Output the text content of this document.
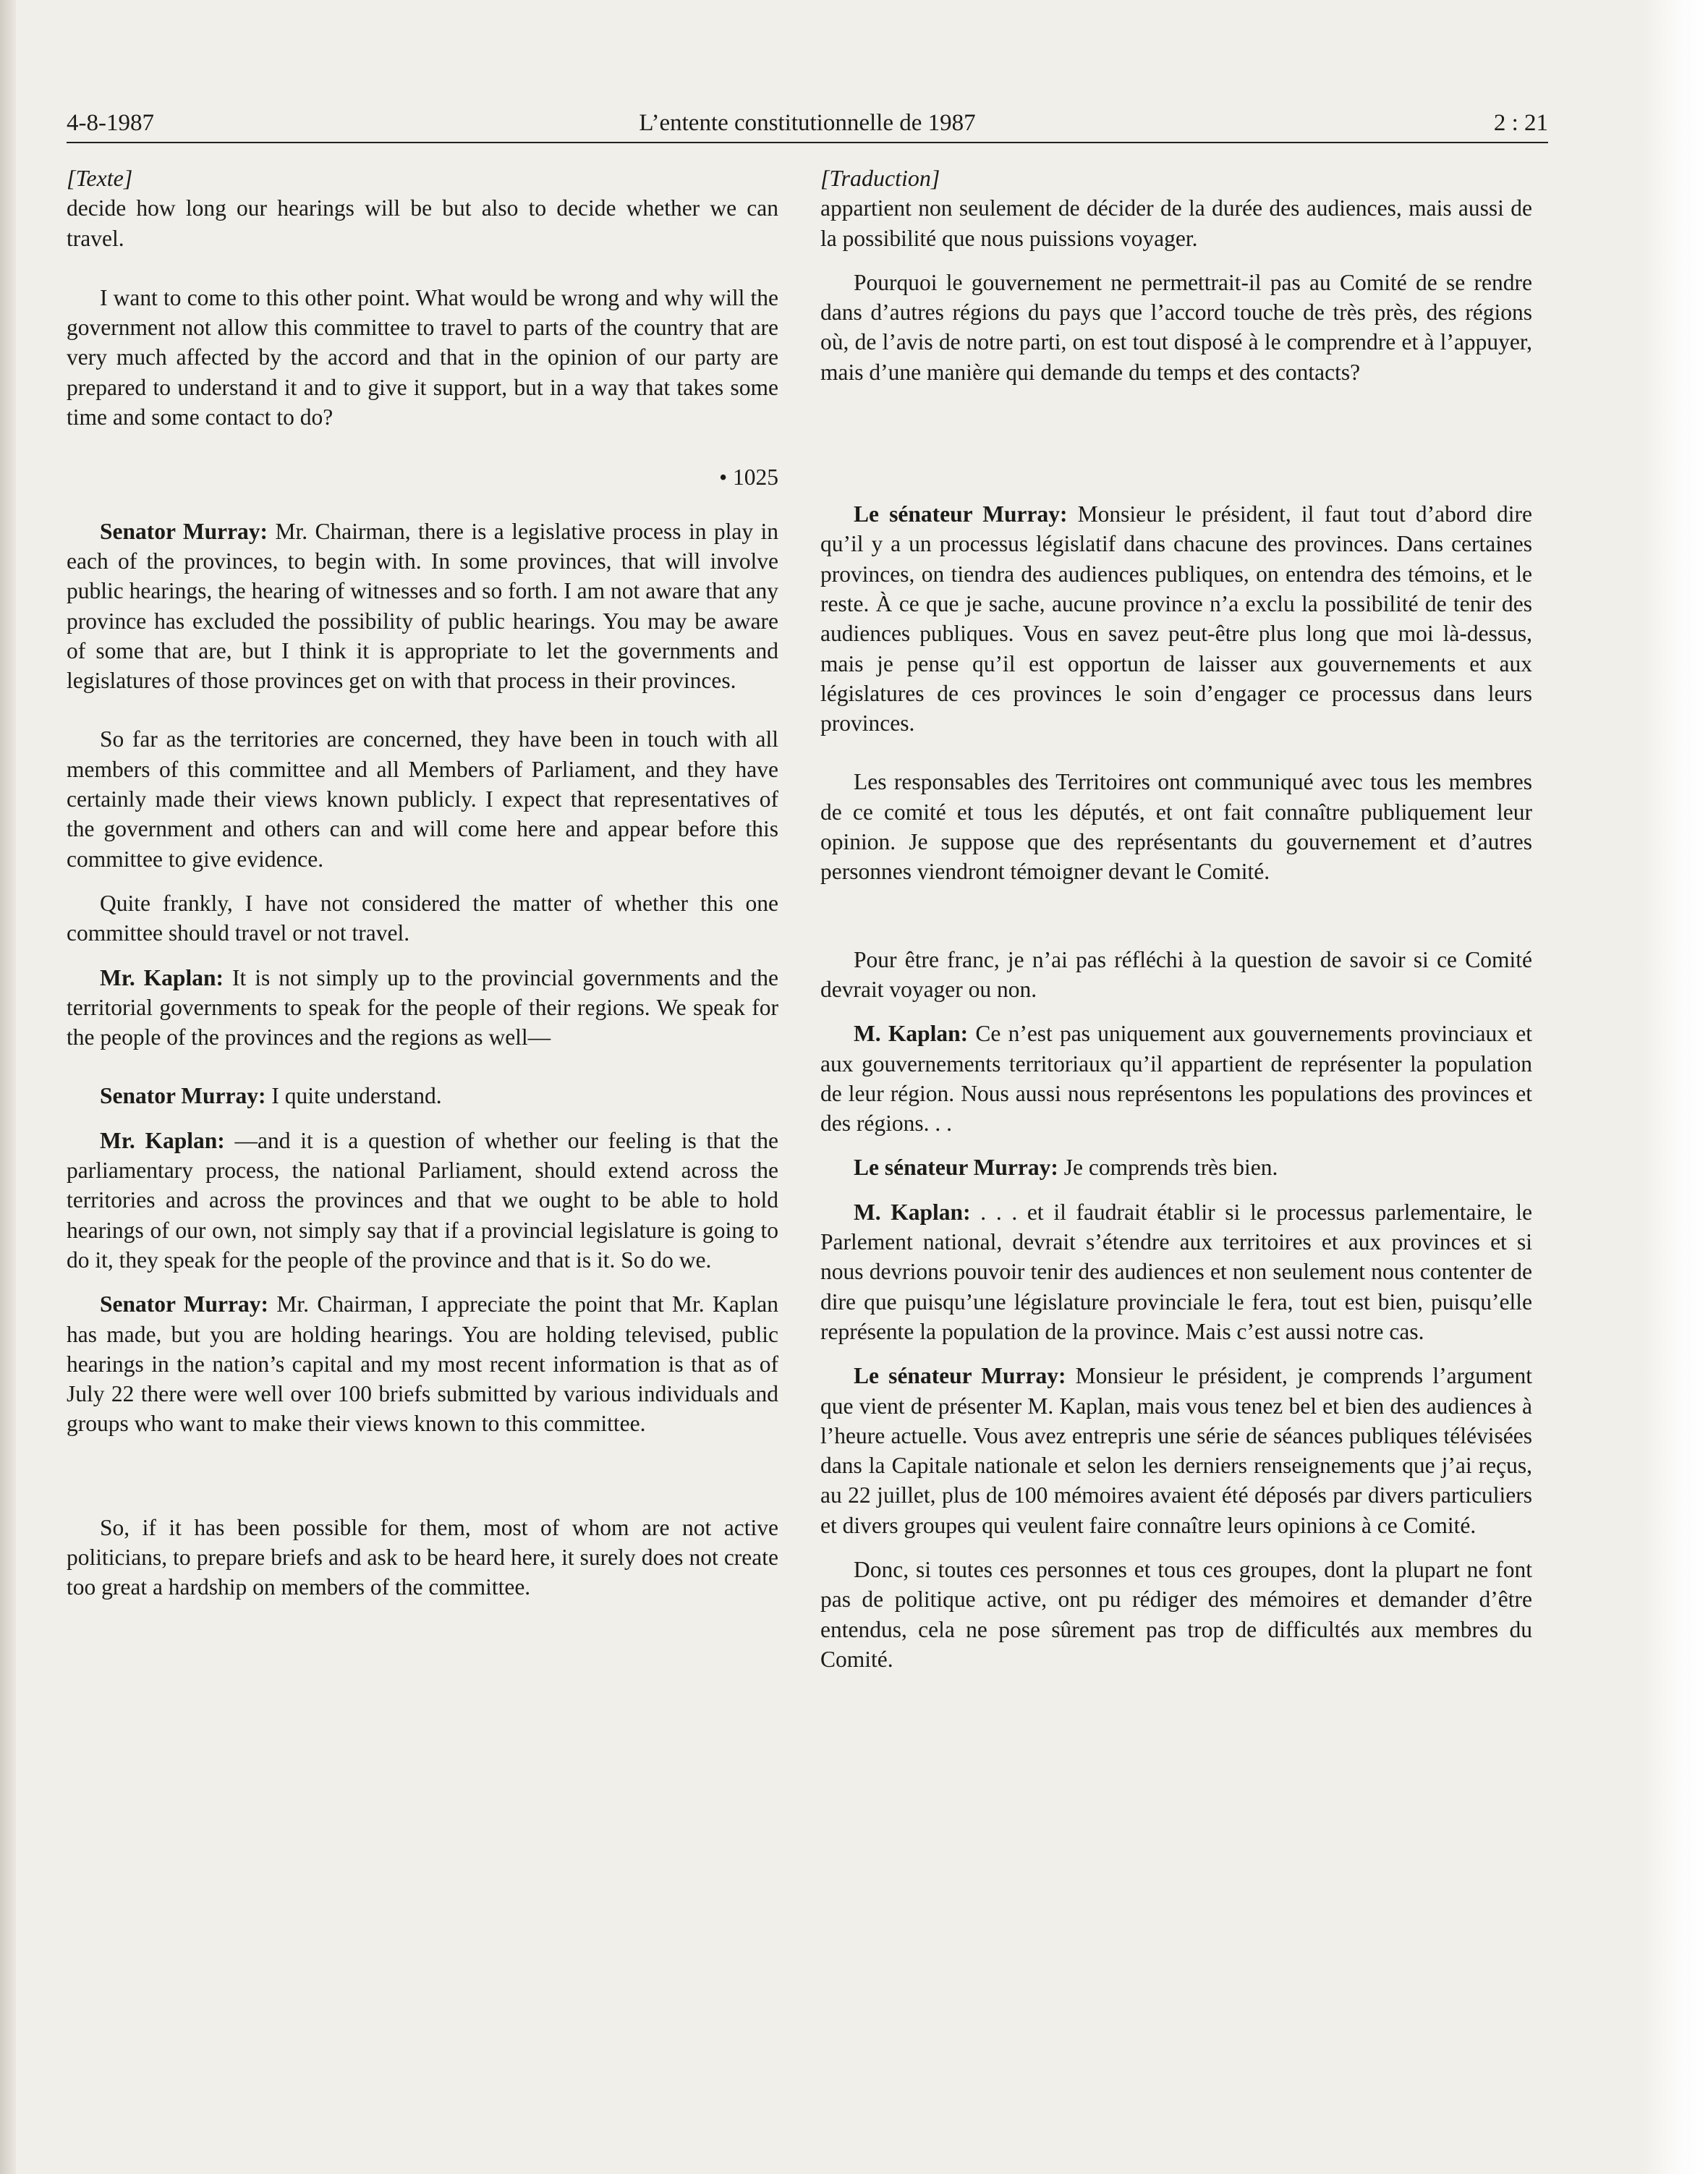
4-8-1987	L’entente constitutionnelle de 1987	2 : 21

[Texte]

decide how long our hearings will be but also to decide whether we can travel.

I want to come to this other point. What would be wrong and why will the government not allow this committee to travel to parts of the country that are very much affected by the accord and that in the opinion of our party are prepared to understand it and to give it support, but in a way that takes some time and some contact to do?

• 1025

Senator Murray: Mr. Chairman, there is a legislative process in play in each of the provinces, to begin with. In some provinces, that will involve public hearings, the hearing of witnesses and so forth. I am not aware that any province has excluded the possibility of public hearings. You may be aware of some that are, but I think it is appropriate to let the governments and legislatures of those provinces get on with that process in their provinces.

So far as the territories are concerned, they have been in touch with all members of this committee and all Members of Parliament, and they have certainly made their views known publicly. I expect that representatives of the government and others can and will come here and appear before this committee to give evidence.

Quite frankly, I have not considered the matter of whether this one committee should travel or not travel.

Mr. Kaplan: It is not simply up to the provincial governments and the territorial governments to speak for the people of their regions. We speak for the people of the provinces and the regions as well—

Senator Murray: I quite understand.

Mr. Kaplan: —and it is a question of whether our feeling is that the parliamentary process, the national Parliament, should extend across the territories and across the provinces and that we ought to be able to hold hearings of our own, not simply say that if a provincial legislature is going to do it, they speak for the people of the province and that is it. So do we.

Senator Murray: Mr. Chairman, I appreciate the point that Mr. Kaplan has made, but you are holding hearings. You are holding televised, public hearings in the nation’s capital and my most recent information is that as of July 22 there were well over 100 briefs submitted by various individuals and groups who want to make their views known to this committee.

So, if it has been possible for them, most of whom are not active politicians, to prepare briefs and ask to be heard here, it surely does not create too great a hardship on members of the committee.

[Traduction]

appartient non seulement de décider de la durée des audiences, mais aussi de la possibilité que nous puissions voyager.

Pourquoi le gouvernement ne permettrait-il pas au Comité de se rendre dans d’autres régions du pays que l’accord touche de très près, des régions où, de l’avis de notre parti, on est tout disposé à le comprendre et à l’appuyer, mais d’une manière qui demande du temps et des contacts?

Le sénateur Murray: Monsieur le président, il faut tout d’abord dire qu’il y a un processus législatif dans chacune des provinces. Dans certaines provinces, on tiendra des audiences publiques, on entendra des témoins, et le reste. À ce que je sache, aucune province n’a exclu la possibilité de tenir des audiences publiques. Vous en savez peut-être plus long que moi là-dessus, mais je pense qu’il est opportun de laisser aux gouvernements et aux législatures de ces provinces le soin d’engager ce processus dans leurs provinces.

Les responsables des Territoires ont communiqué avec tous les membres de ce comité et tous les députés, et ont fait connaître publiquement leur opinion. Je suppose que des représentants du gouvernement et d’autres personnes viendront témoigner devant le Comité.

Pour être franc, je n’ai pas réfléchi à la question de savoir si ce Comité devrait voyager ou non.

M. Kaplan: Ce n’est pas uniquement aux gouvernements provinciaux et aux gouvernements territoriaux qu’il appartient de représenter la population de leur région. Nous aussi nous représentons les populations des provinces et des régions. . .

Le sénateur Murray: Je comprends très bien.

M. Kaplan: . . . et il faudrait établir si le processus parlementaire, le Parlement national, devrait s’étendre aux territoires et aux provinces et si nous devrions pouvoir tenir des audiences et non seulement nous contenter de dire que puisqu’une législature provinciale le fera, tout est bien, puisqu’elle représente la population de la province. Mais c’est aussi notre cas.

Le sénateur Murray: Monsieur le président, je comprends l’argument que vient de présenter M. Kaplan, mais vous tenez bel et bien des audiences à l’heure actuelle. Vous avez entrepris une série de séances publiques télévisées dans la Capitale nationale et selon les derniers renseignements que j’ai reçus, au 22 juillet, plus de 100 mémoires avaient été déposés par divers particuliers et divers groupes qui veulent faire connaître leurs opinions à ce Comité.

Donc, si toutes ces personnes et tous ces groupes, dont la plupart ne font pas de politique active, ont pu rédiger des mémoires et demander d’être entendus, cela ne pose sûrement pas trop de difficultés aux membres du Comité.
